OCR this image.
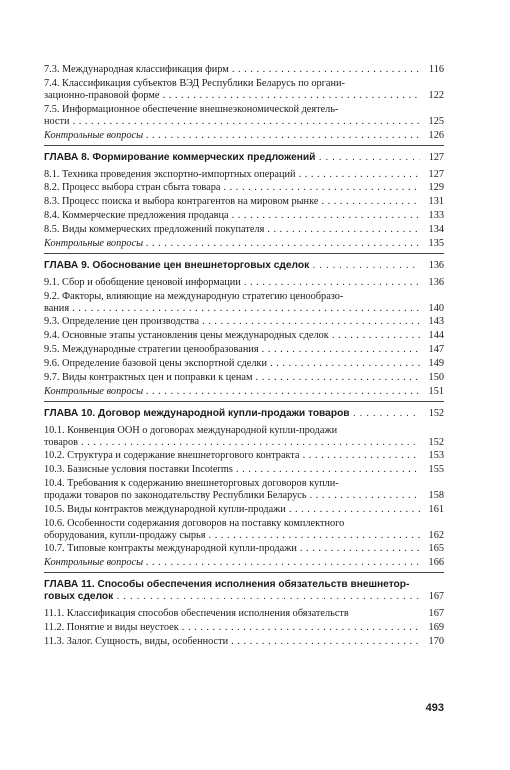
7.3. Международная классификация фирм . . .	116
7.4. Классификация субъектов ВЭД Республики Беларусь по органи-
зационно-правовой форме . . .	122
7.5. Информационное обеспечение внешнеэкономической деятель-
ности . . .	125
Контрольные вопросы . . .	126
ГЛАВА 8. Формирование коммерческих предложений . . .	127
8.1. Техника проведения экспортно-импортных операций . . .	127
8.2. Процесс выбора стран сбыта товара . . .	129
8.3. Процесс поиска и выбора контрагентов на мировом рынке . . .	131
8.4. Коммерческие предложения продавца . . .	133
8.5. Виды коммерческих предложений покупателя . . .	134
Контрольные вопросы . . .	135
ГЛАВА 9. Обоснование цен внешнеторговых сделок . . .	136
9.1. Сбор и обобщение ценовой информации . . .	136
9.2. Факторы, влияющие на международную стратегию ценообразо-
вания . . .	140
9.3. Определение цен производства . . .	143
9.4. Основные этапы установления цены международных сделок . . .	144
9.5. Международные стратегии ценообразования . . .	147
9.6. Определение базовой цены экспортной сделки . . .	149
9.7. Виды контрактных цен и поправки к ценам . . .	150
Контрольные вопросы . . .	151
ГЛАВА 10. Договор международной купли-продажи товаров . . .	152
10.1. Конвенция ООН о договорах международной купли-продажи
товаров . . .	152
10.2. Структура и содержание внешнеторгового контракта . . .	153
10.3. Базисные условия поставки Incoterms . . .	155
10.4. Требования к содержанию внешнеторговых договоров купли-
продажи товаров по законодательству Республики Беларусь . . .	158
10.5. Виды контрактов международной купли-продажи . . .	161
10.6. Особенности содержания договоров на поставку комплектного
оборудования, купли-продажу сырья . . .	162
10.7. Типовые контракты международной купли-продажи . . .	165
Контрольные вопросы . . .	166
ГЛАВА 11. Способы обеспечения исполнения обязательств внешнетор-
говых сделок . . .	167
11.1. Классификация способов обеспечения исполнения обязательств	167
11.2. Понятие и виды неустоек . . .	169
11.3. Залог. Сущность, виды, особенности . . .	170
493
